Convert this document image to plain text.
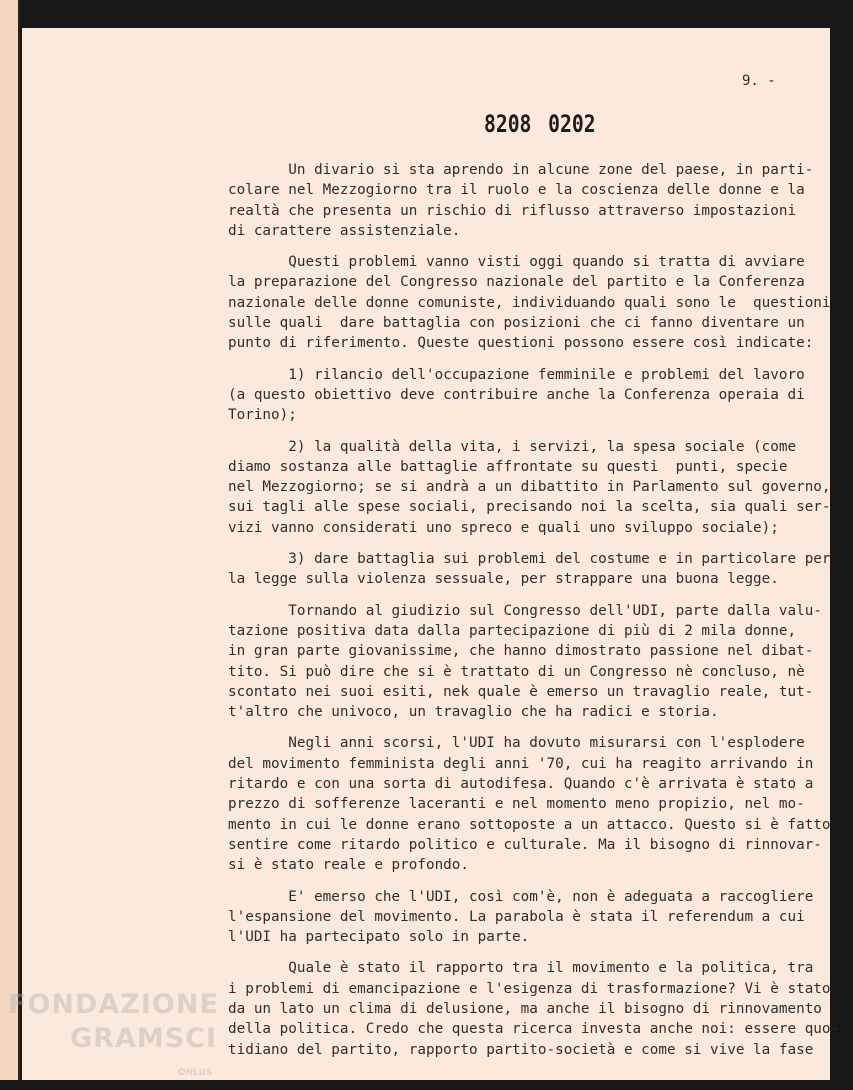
9. -
8208 0202
Un divario si sta aprendo in alcune zone del paese, in parti-
colare nel Mezzogiorno tra il ruolo e la coscienza delle donne e la
realtà che presenta un rischio di riflusso attraverso impostazioni
di carattere assistenziale.
Questi problemi vanno visti oggi quando si tratta di avviare
la preparazione del Congresso nazionale del partito e la Conferenza
nazionale delle donne comuniste, individuando quali sono le  questioni
sulle quali  dare battaglia con posizioni che ci fanno diventare un
punto di riferimento. Queste questioni possono essere così indicate:
1) rilancio dell'occupazione femminile e problemi del lavoro
(a questo obiettivo deve contribuire anche la Conferenza operaia di
Torino);
2) la qualità della vita, i servizi, la spesa sociale (come
diamo sostanza alle battaglie affrontate su questi  punti, specie
nel Mezzogiorno; se si andrà a un dibattito in Parlamento sul governo,
sui tagli alle spese sociali, precisando noi la scelta, sia quali ser-
vizi vanno considerati uno spreco e quali uno sviluppo sociale);
3) dare battaglia sui problemi del costume e in particolare per
la legge sulla violenza sessuale, per strappare una buona legge.
Tornando al giudizio sul Congresso dell'UDI, parte dalla valu-
tazione positiva data dalla partecipazione di più di 2 mila donne,
in gran parte giovanissime, che hanno dimostrato passione nel dibat-
tito. Si può dire che si è trattato di un Congresso nè concluso, nè
scontato nei suoi esiti, nek quale è emerso un travaglio reale, tut-
t'altro che univoco, un travaglio che ha radici e storia.
Negli anni scorsi, l'UDI ha dovuto misurarsi con l'esplodere
del movimento femminista degli anni '70, cui ha reagito arrivando in
ritardo e con una sorta di autodifesa. Quando c'è arrivata è stato a
prezzo di sofferenze laceranti e nel momento meno propizio, nel mo-
mento in cui le donne erano sottoposte a un attacco. Questo si è fatto
sentire come ritardo politico e culturale. Ma il bisogno di rinnovar-
si è stato reale e profondo.
E' emerso che l'UDI, così com'è, non è adeguata a raccogliere
l'espansione del movimento. La parabola è stata il referendum a cui
l'UDI ha partecipato solo in parte.
Quale è stato il rapporto tra il movimento e la politica, tra
i problemi di emancipazione e l'esigenza di trasformazione? Vi è stato
da un lato un clima di delusione, ma anche il bisogno di rinnovamento
della politica. Credo che questa ricerca investa anche noi: essere quo-
tidiano del partito, rapporto partito-società e come si vive la fase
FONDAZIONE
GRAMSCI
ONLUS
